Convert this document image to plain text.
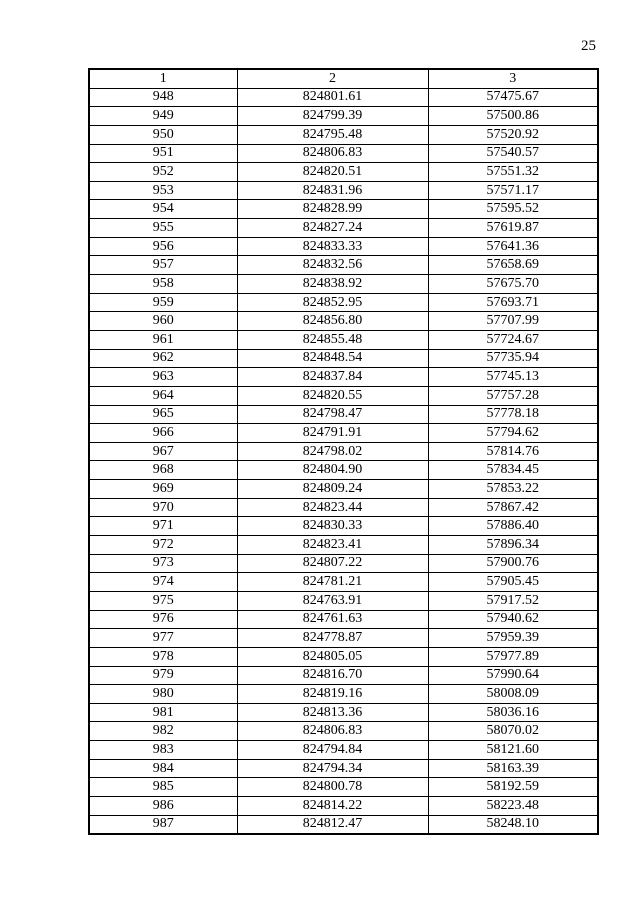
25
1	2	3
948	824801.61	57475.67
949	824799.39	57500.86
950	824795.48	57520.92
951	824806.83	57540.57
952	824820.51	57551.32
953	824831.96	57571.17
954	824828.99	57595.52
955	824827.24	57619.87
956	824833.33	57641.36
957	824832.56	57658.69
958	824838.92	57675.70
959	824852.95	57693.71
960	824856.80	57707.99
961	824855.48	57724.67
962	824848.54	57735.94
963	824837.84	57745.13
964	824820.55	57757.28
965	824798.47	57778.18
966	824791.91	57794.62
967	824798.02	57814.76
968	824804.90	57834.45
969	824809.24	57853.22
970	824823.44	57867.42
971	824830.33	57886.40
972	824823.41	57896.34
973	824807.22	57900.76
974	824781.21	57905.45
975	824763.91	57917.52
976	824761.63	57940.62
977	824778.87	57959.39
978	824805.05	57977.89
979	824816.70	57990.64
980	824819.16	58008.09
981	824813.36	58036.16
982	824806.83	58070.02
983	824794.84	58121.60
984	824794.34	58163.39
985	824800.78	58192.59
986	824814.22	58223.48
987	824812.47	58248.10
